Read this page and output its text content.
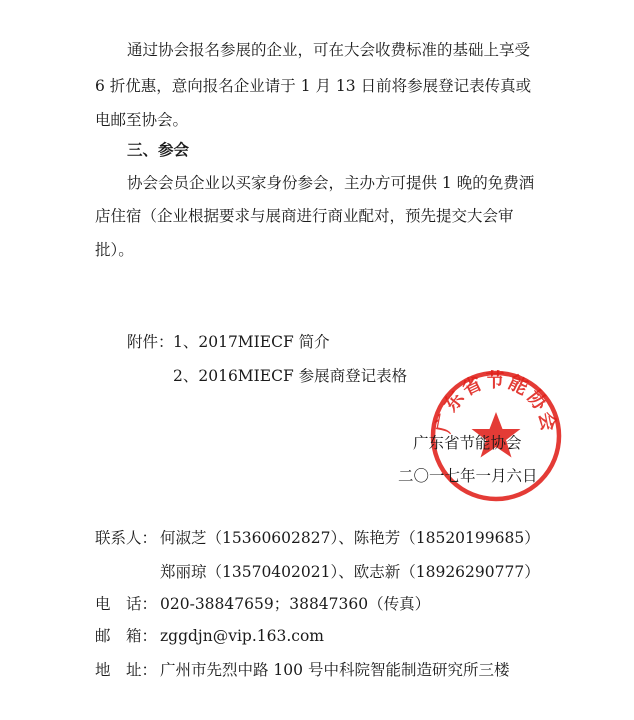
通过协会报名参展的企业，可在大会收费标准的基础上享受
6 折优惠，意向报名企业请于 1 月 13 日前将参展登记表传真或
电邮至协会。
三、参会
协会会员企业以买家身份参会，主办方可提供 1 晚的免费酒
店住宿（企业根据要求与展商进行商业配对，预先提交大会审
批）。
附件： 1、2017MIECF 简介
2、2016MIECF 参展商登记表格
广东省节能协会
广东省节能协会
二〇一七年一月六日
联系人： 何淑芝（15360602827）、陈艳芳（18520199685）
郑丽琼（13570402021）、欧志新（18926290777）
电　话： 020-38847659；38847360（传真）
邮　箱： zggdjn@vip.163.com
地　址： 广州市先烈中路 100 号中科院智能制造研究所三楼
